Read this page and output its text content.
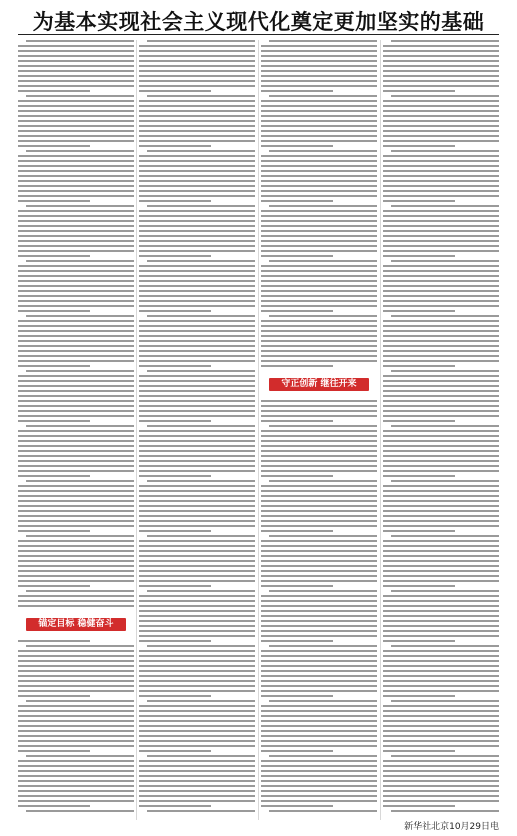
为基本实现社会主义现代化奠定更加坚实的基础
锚定目标 稳健奋斗
守正创新 继往开来
新华社北京10月29日电
